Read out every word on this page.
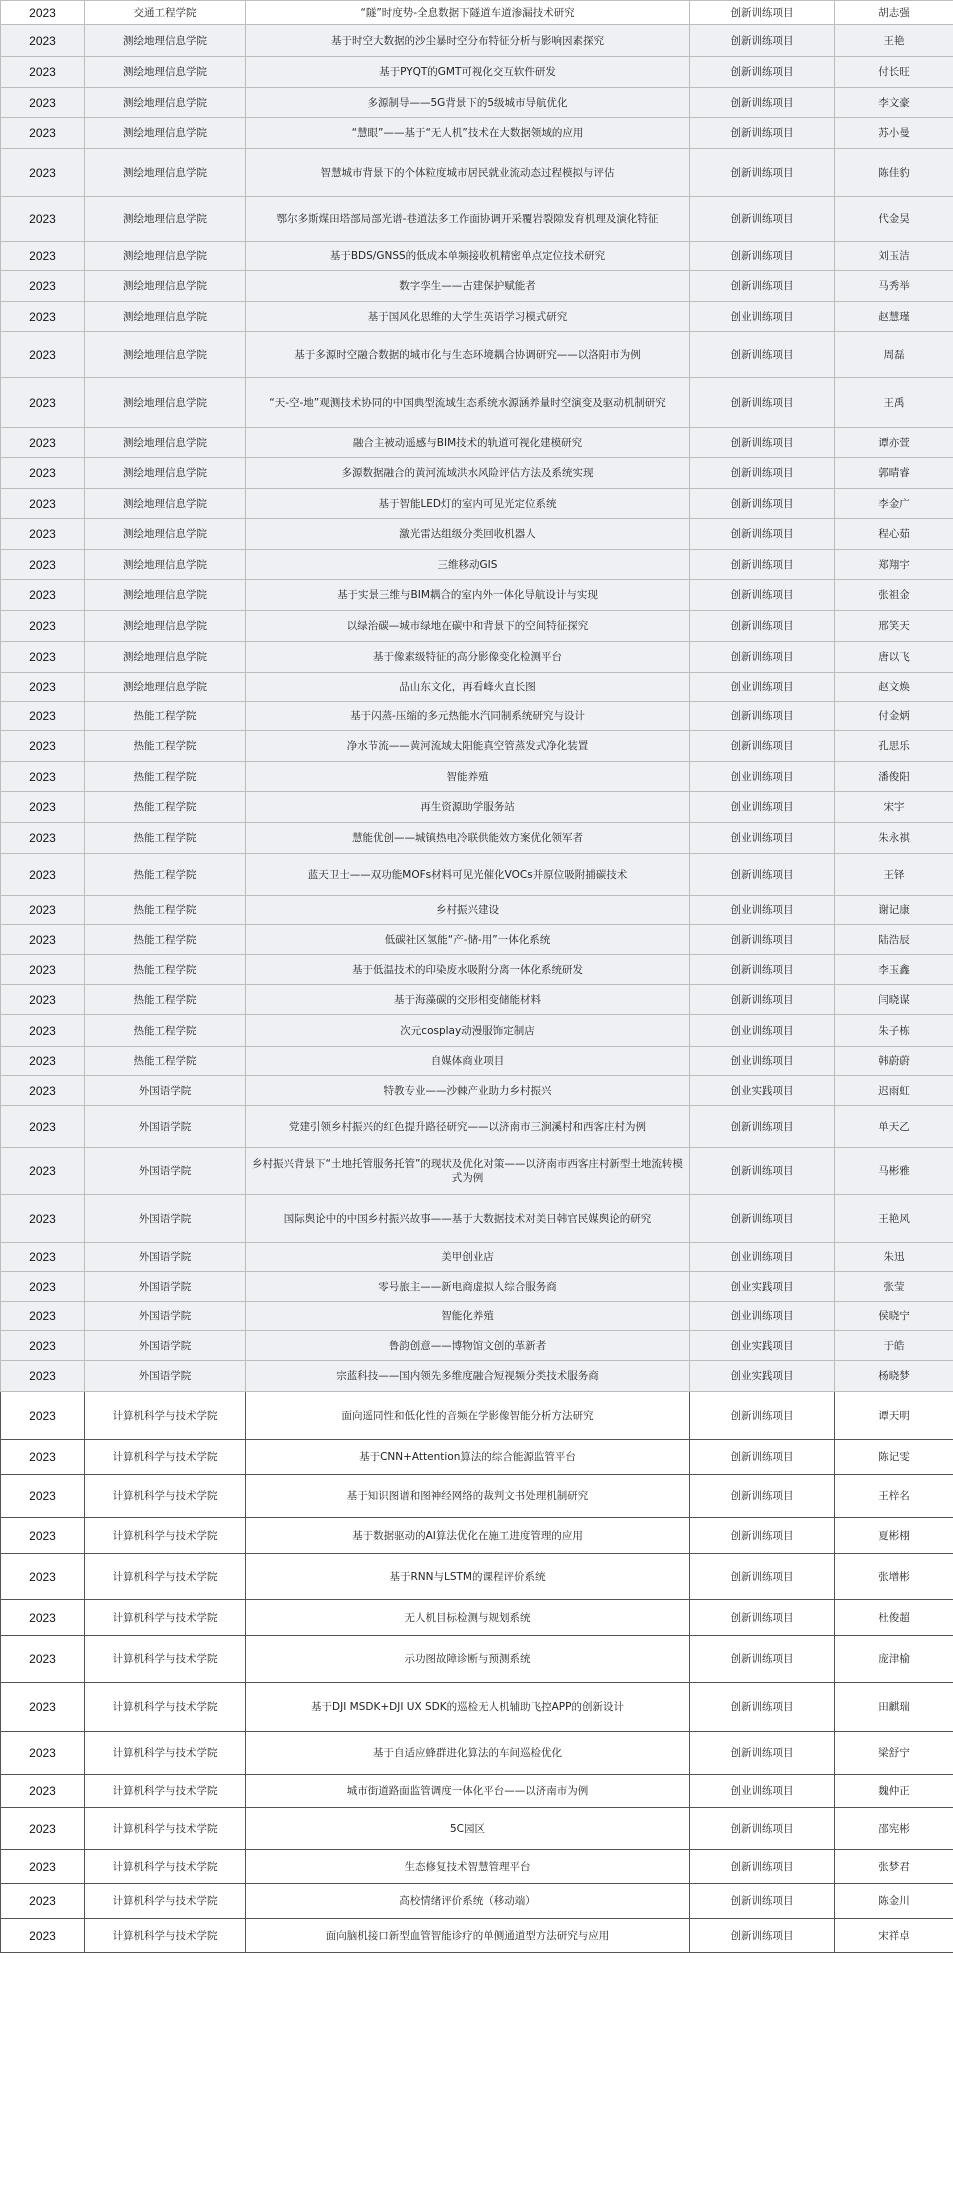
2023	交通工程学院	“隧”时度势-全息数据下隧道车道渗漏技术研究	创新训练项目	胡志强
2023	测绘地理信息学院	基于时空大数据的沙尘暴时空分布特征分析与影响因素探究	创新训练项目	王艳
2023	测绘地理信息学院	基于PYQT的GMT可视化交互软件研发	创新训练项目	付长旺
2023	测绘地理信息学院	多源制导——5G背景下的5级城市导航优化	创新训练项目	李文豪
2023	测绘地理信息学院	“慧眼”——基于“无人机”技术在大数据领域的应用	创新训练项目	苏小曼
2023	测绘地理信息学院	智慧城市背景下的个体粒度城市居民就业流动态过程模拟与评估	创新训练项目	陈佳豹
2023	测绘地理信息学院	鄂尔多斯煤田塔部局部光谱-巷道法多工作面协调开采覆岩裂隙发育机理及演化特征	创新训练项目	代金昊
2023	测绘地理信息学院	基于BDS/GNSS的低成本单频接收机精密单点定位技术研究	创新训练项目	刘玉洁
2023	测绘地理信息学院	数字孪生——古建保护赋能者	创新训练项目	马秀举
2023	测绘地理信息学院	基于国风化思维的大学生英语学习模式研究	创业训练项目	赵慧瑾
2023	测绘地理信息学院	基于多源时空融合数据的城市化与生态环境耦合协调研究——以洛阳市为例	创新训练项目	周磊
2023	测绘地理信息学院	“天-空-地”观测技术协同的中国典型流域生态系统水源涵养量时空演变及驱动机制研究	创新训练项目	王禹
2023	测绘地理信息学院	融合主被动遥感与BIM技术的轨道可视化建模研究	创新训练项目	谭亦萱
2023	测绘地理信息学院	多源数据融合的黄河流域洪水风险评估方法及系统实现	创新训练项目	郭晴睿
2023	测绘地理信息学院	基于智能LED灯的室内可见光定位系统	创新训练项目	李金广
2023	测绘地理信息学院	激光雷达组级分类回收机器人	创新训练项目	程心茹
2023	测绘地理信息学院	三维移动GIS	创新训练项目	郑翔宇
2023	测绘地理信息学院	基于实景三维与BIM耦合的室内外一体化导航设计与实现	创新训练项目	张祖金
2023	测绘地理信息学院	以绿治碳—城市绿地在碳中和背景下的空间特征探究	创新训练项目	邢笑天
2023	测绘地理信息学院	基于像素级特征的高分影像变化检测平台	创新训练项目	唐以飞
2023	测绘地理信息学院	品山东文化，再看峰火直长图	创业训练项目	赵文焕
2023	热能工程学院	基于闪蒸-压缩的多元热能水汽同制系统研究与设计	创新训练项目	付金炳
2023	热能工程学院	净水节流——黄河流域太阳能真空管蒸发式净化装置	创新训练项目	孔思乐
2023	热能工程学院	智能养殖	创业训练项目	潘俊阳
2023	热能工程学院	再生资源助学服务站	创业训练项目	宋宇
2023	热能工程学院	慧能优创——城镇热电冷联供能效方案优化领军者	创业训练项目	朱永祺
2023	热能工程学院	蓝天卫士——双功能MOFs材料可见光催化VOCs并原位吸附捕碳技术	创新训练项目	王铎
2023	热能工程学院	乡村振兴建设	创业训练项目	谢记康
2023	热能工程学院	低碳社区氢能“产-储-用”一体化系统	创新训练项目	陆浩辰
2023	热能工程学院	基于低温技术的印染废水吸附分离一体化系统研发	创新训练项目	李玉鑫
2023	热能工程学院	基于海藻碳的交形相变储能材料	创新训练项目	闫晓谋
2023	热能工程学院	次元cosplay动漫服饰定制店	创业训练项目	朱子栋
2023	热能工程学院	自媒体商业项目	创业训练项目	韩蔚蔚
2023	外国语学院	特教专业——沙棘产业助力乡村振兴	创业实践项目	迟雨虹
2023	外国语学院	党建引领乡村振兴的红色提升路径研究——以济南市三涧溪村和西客庄村为例	创新训练项目	单天乙
2023	外国语学院	乡村振兴背景下“土地托管服务托管”的现状及优化对策——以济南市西客庄村新型土地流转模式为例	创新训练项目	马彬雅
2023	外国语学院	国际舆论中的中国乡村振兴故事——基于大数据技术对美日韩官民媒舆论的研究	创新训练项目	王艳风
2023	外国语学院	美甲创业店	创业训练项目	朱迅
2023	外国语学院	零号旅主——新电商虚拟人综合服务商	创业实践项目	张莹
2023	外国语学院	智能化养殖	创业训练项目	侯晓宁
2023	外国语学院	鲁韵创意——博物馆文创的革新者	创业实践项目	于皓
2023	外国语学院	宗蓝科技——国内领先多维度融合短视频分类技术服务商	创业实践项目	杨晓梦
2023	计算机科学与技术学院	面向遥同性和低化性的音频在学影像智能分析方法研究	创新训练项目	谭天明
2023	计算机科学与技术学院	基于CNN+Attention算法的综合能源监管平台	创新训练项目	陈记雯
2023	计算机科学与技术学院	基于知识图谱和图神经网络的裁判文书处理机制研究	创新训练项目	王梓名
2023	计算机科学与技术学院	基于数据驱动的AI算法优化在施工进度管理的应用	创新训练项目	夏彬栩
2023	计算机科学与技术学院	基于RNN与LSTM的课程评价系统	创新训练项目	张增彬
2023	计算机科学与技术学院	无人机目标检测与规划系统	创新训练项目	杜俊超
2023	计算机科学与技术学院	示功图故障诊断与预测系统	创新训练项目	庞津榆
2023	计算机科学与技术学院	基于DJI MSDK+DJI UX SDK的巡检无人机辅助飞控APP的创新设计	创新训练项目	田麒瑞
2023	计算机科学与技术学院	基于自适应蜂群进化算法的车间巡检优化	创新训练项目	梁舒宁
2023	计算机科学与技术学院	城市街道路面监管调度一体化平台——以济南市为例	创业训练项目	魏仲正
2023	计算机科学与技术学院	5C园区	创新训练项目	邵宪彬
2023	计算机科学与技术学院	生态修复技术智慧管理平台	创新训练项目	张梦君
2023	计算机科学与技术学院	高校情绪评价系统（移动端）	创新训练项目	陈金川
2023	计算机科学与技术学院	面向脑机接口新型血管智能诊疗的单侧通道型方法研究与应用	创新训练项目	宋祥卓
